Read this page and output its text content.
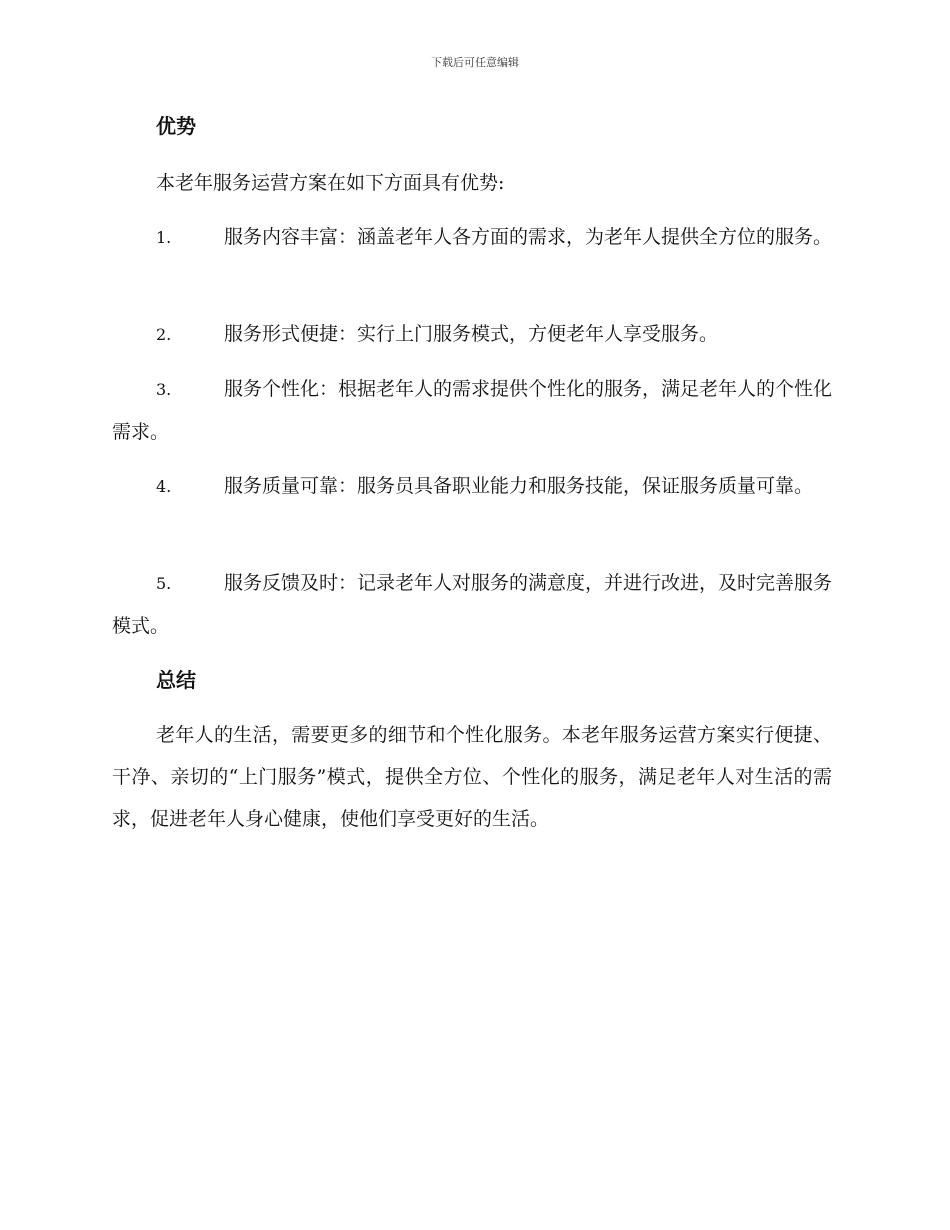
下载后可任意编辑
优势

本老年服务运营方案在如下方面具有优势:

1.	服务内容丰富：涵盖老年人各方面的需求，为老年人提供全方位的服务。

2.	服务形式便捷：实行上门服务模式，方便老年人享受服务。

3.	服务个性化：根据老年人的需求提供个性化的服务，满足老年人的个性化需求。

4.	服务质量可靠：服务员具备职业能力和服务技能，保证服务质量可靠。

5.	服务反馈及时：记录老年人对服务的满意度，并进行改进，及时完善服务模式。

总结

老年人的生活，需要更多的细节和个性化服务。本老年服务运营方案实行便捷、干净、亲切的“上门服务”模式，提供全方位、个性化的服务，满足老年人对生活的需求，促进老年人身心健康，使他们享受更好的生活。
